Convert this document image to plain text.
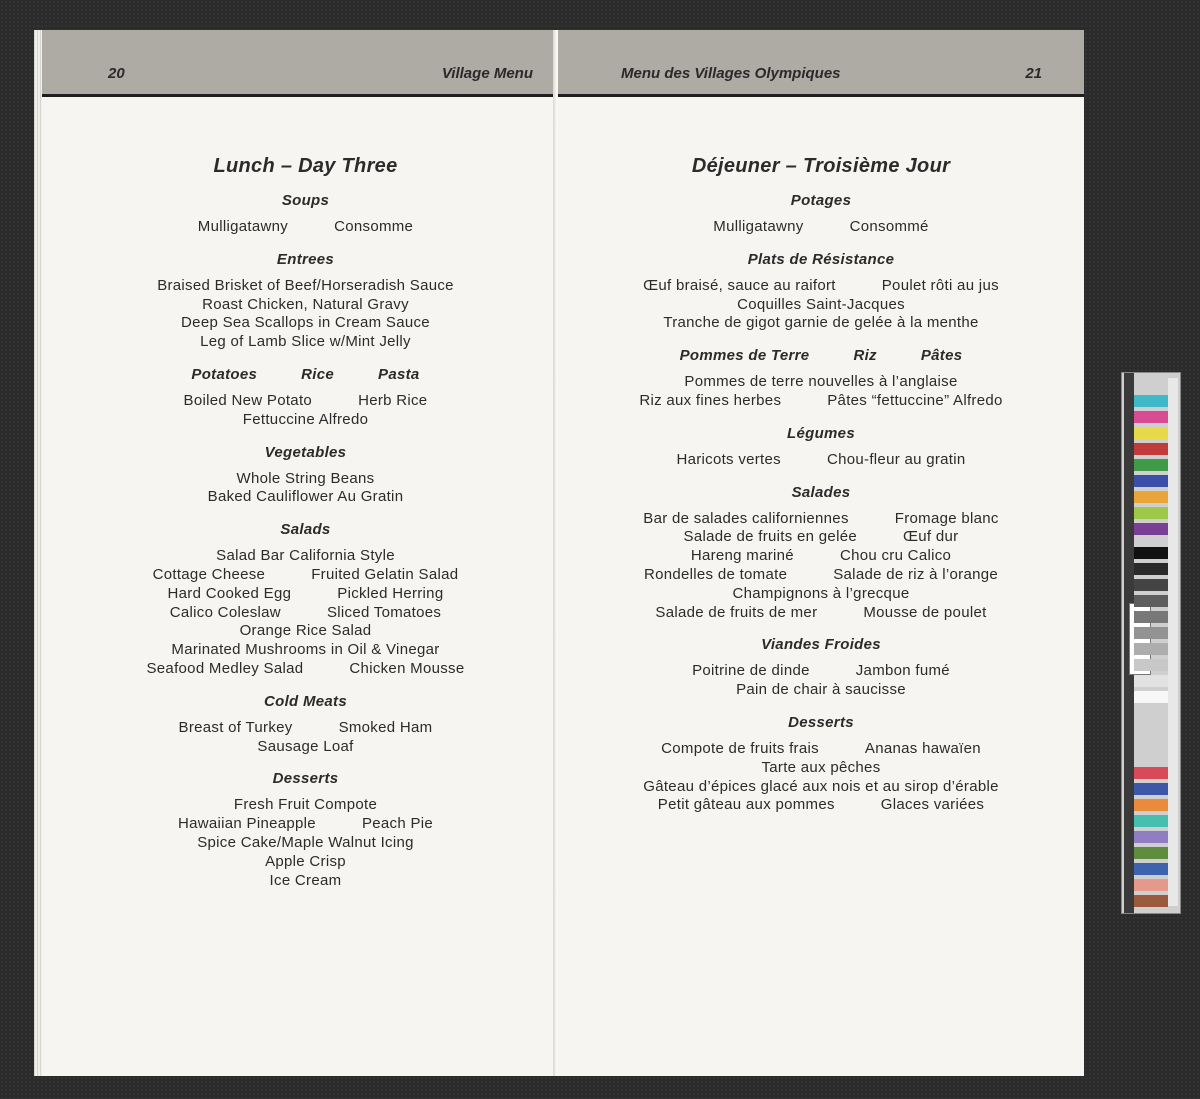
20	Village Menu
Lunch – Day Three
Soups
Mulligatawny	Consomme
Entrees
Braised Brisket of Beef/Horseradish Sauce
Roast Chicken, Natural Gravy
Deep Sea Scallops in Cream Sauce
Leg of Lamb Slice w/Mint Jelly
Potatoes	Rice	Pasta
Boiled New Potato	Herb Rice
Fettuccine Alfredo
Vegetables
Whole String Beans
Baked Cauliflower Au Gratin
Salads
Salad Bar California Style
Cottage Cheese	Fruited Gelatin Salad
Hard Cooked Egg	Pickled Herring
Calico Coleslaw	Sliced Tomatoes
Orange Rice Salad
Marinated Mushrooms in Oil & Vinegar
Seafood Medley Salad	Chicken Mousse
Cold Meats
Breast of Turkey	Smoked Ham
Sausage Loaf
Desserts
Fresh Fruit Compote
Hawaiian Pineapple	Peach Pie
Spice Cake/Maple Walnut Icing
Apple Crisp
Ice Cream
Menu des Villages Olympiques	21
Déjeuner – Troisième Jour
Potages
Mulligatawny	Consommé
Plats de Résistance
Œuf braisé, sauce au raifort	Poulet rôti au jus
Coquilles Saint-Jacques
Tranche de gigot garnie de gelée à la menthe
Pommes de Terre	Riz	Pâtes
Pommes de terre nouvelles à l’anglaise
Riz aux fines herbes	Pâtes “fettuccine” Alfredo
Légumes
Haricots vertes	Chou-fleur au gratin
Salades
Bar de salades californiennes	Fromage blanc
Salade de fruits en gelée	Œuf dur
Hareng mariné	Chou cru Calico
Rondelles de tomate	Salade de riz à l’orange
Champignons à l’grecque
Salade de fruits de mer	Mousse de poulet
Viandes Froides
Poitrine de dinde	Jambon fumé
Pain de chair à saucisse
Desserts
Compote de fruits frais	Ananas hawaïen
Tarte aux pêches
Gâteau d’épices glacé aux nois et au sirop d’érable
Petit gâteau aux pommes	Glaces variées
